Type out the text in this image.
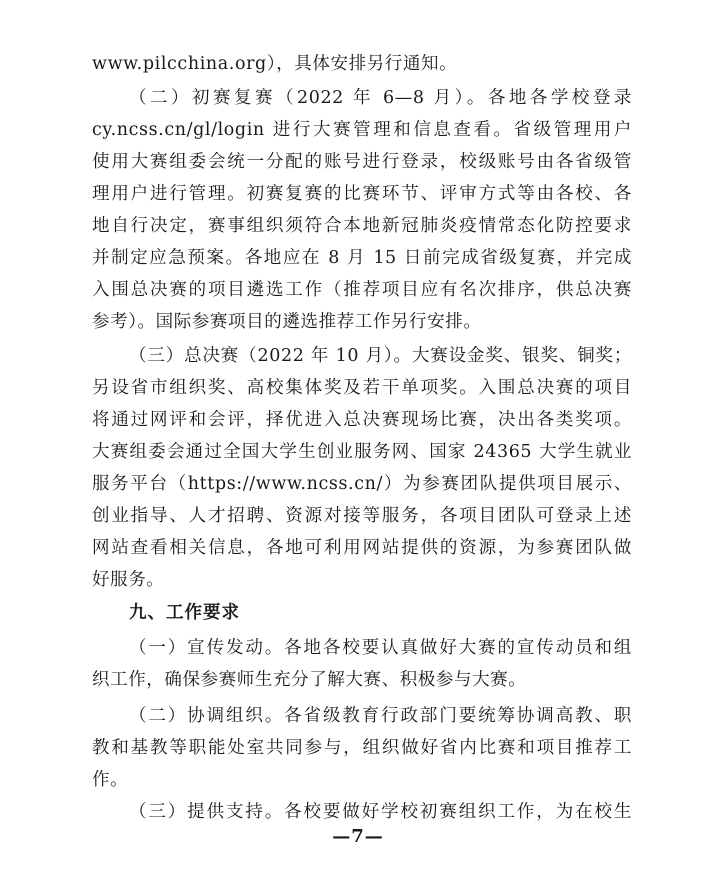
www.pilcchina.org），具体安排另行通知。
（二）初赛复赛（2022 年 6—8 月）。各地各学校登录
cy.ncss.cn/gl/login 进行大赛管理和信息查看。省级管理用户
使用大赛组委会统一分配的账号进行登录，校级账号由各省级管
理用户进行管理。初赛复赛的比赛环节、评审方式等由各校、各
地自行决定，赛事组织须符合本地新冠肺炎疫情常态化防控要求
并制定应急预案。各地应在 8 月 15 日前完成省级复赛，并完成
入围总决赛的项目遴选工作（推荐项目应有名次排序，供总决赛
参考）。国际参赛项目的遴选推荐工作另行安排。
（三）总决赛（2022 年 10 月）。大赛设金奖、银奖、铜奖；
另设省市组织奖、高校集体奖及若干单项奖。入围总决赛的项目
将通过网评和会评，择优进入总决赛现场比赛，决出各类奖项。
大赛组委会通过全国大学生创业服务网、国家 24365 大学生就业
服务平台（https://www.ncss.cn/）为参赛团队提供项目展示、
创业指导、人才招聘、资源对接等服务，各项目团队可登录上述
网站查看相关信息，各地可利用网站提供的资源，为参赛团队做
好服务。
九、工作要求
（一）宣传发动。各地各校要认真做好大赛的宣传动员和组
织工作，确保参赛师生充分了解大赛、积极参与大赛。
（二）协调组织。各省级教育行政部门要统筹协调高教、职
教和基教等职能处室共同参与，组织做好省内比赛和项目推荐工
作。
（三）提供支持。各校要做好学校初赛组织工作，为在校生
—7—
